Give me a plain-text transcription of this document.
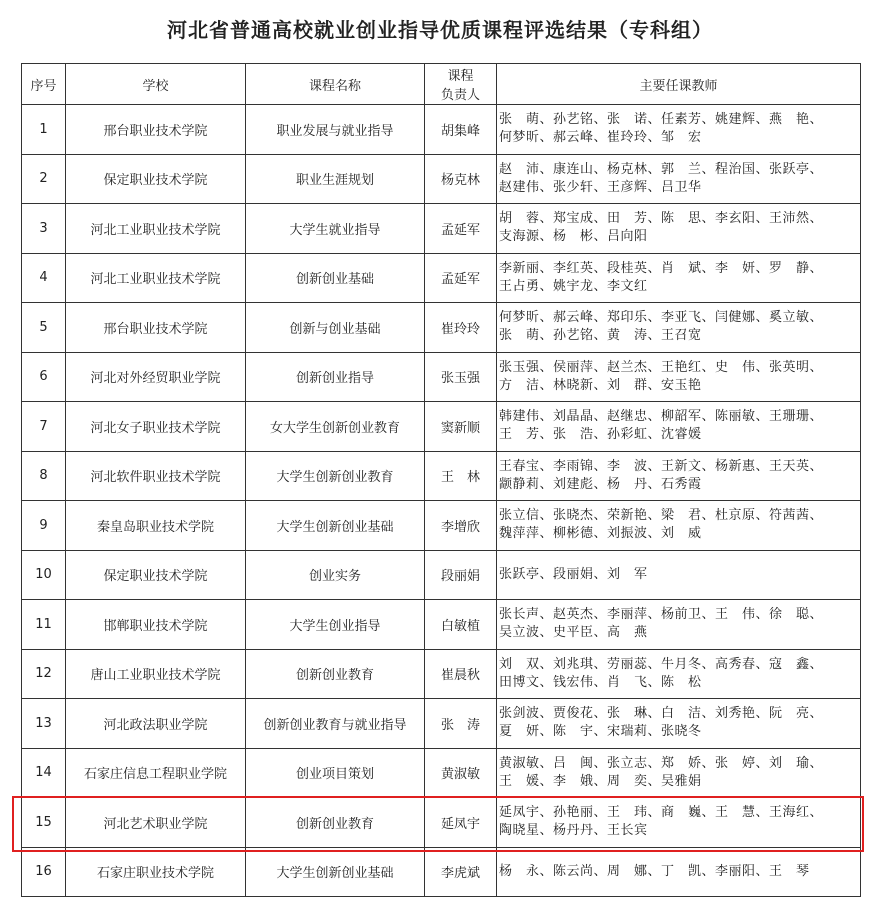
河北省普通高校就业创业指导优质课程评选结果（专科组）
序号	学校	课程名称	课程
负责人	主要任课教师
1	邢台职业技术学院	职业发展与就业指导	胡集峰	张　萌、孙艺铭、张　诺、任素芳、姚建辉、燕　艳、
何梦昕、郝云峰、崔玲玲、邹　宏

2	保定职业技术学院	职业生涯规划	杨克林	赵　沛、康连山、杨克林、郭　兰、程治国、张跃亭、
赵建伟、张少轩、王彦辉、吕卫华

3	河北工业职业技术学院	大学生就业指导	孟延军	胡　蓉、郑宝成、田　芳、陈　思、李玄阳、王沛然、
支海源、杨　彬、吕向阳

4	河北工业职业技术学院	创新创业基础	孟延军	李新丽、李红英、段桂英、肖　斌、李　妍、罗　静、
王占勇、姚宇龙、李文红

5	邢台职业技术学院	创新与创业基础	崔玲玲	何梦昕、郝云峰、郑印乐、李亚飞、闫健娜、奚立敏、
张　萌、孙艺铭、黄　涛、王召宽

6	河北对外经贸职业学院	创新创业指导	张玉强	张玉强、侯丽萍、赵兰杰、王艳红、史　伟、张英明、
方　洁、林晓新、刘　群、安玉艳

7	河北女子职业技术学院	女大学生创新创业教育	窦新顺	韩建伟、刘晶晶、赵继忠、柳韶军、陈丽敏、王珊珊、
王　芳、张　浩、孙彩虹、沈睿媛

8	河北软件职业技术学院	大学生创新创业教育	王　林	王春宝、李雨锦、李　波、王新文、杨新惠、王天英、
颛静莉、刘建彪、杨　丹、石秀霞

9	秦皇岛职业技术学院	大学生创新创业基础	李增欣	张立信、张晓杰、荣新艳、梁　君、杜京原、符茜茜、
魏萍萍、柳彬德、刘振波、刘　威

10	保定职业技术学院	创业实务	段丽娟	张跃亭、段丽娟、刘　军

11	邯郸职业技术学院	大学生创业指导	白敏植	张长声、赵英杰、李丽萍、杨前卫、王　伟、徐　聪、
吴立波、史平臣、高　燕

12	唐山工业职业技术学院	创新创业教育	崔晨秋	刘　双、刘兆琪、劳丽蕊、牛月冬、高秀春、寇　鑫、
田博文、钱宏伟、肖　飞、陈　松

13	河北政法职业学院	创新创业教育与就业指导	张　涛	张剑波、贾俊花、张　琳、白　洁、刘秀艳、阮　亮、
夏　妍、陈　宇、宋瑞莉、张晓冬

14	石家庄信息工程职业学院	创业项目策划	黄淑敏	黄淑敏、吕　闽、张立志、郑　娇、张　婷、刘　瑜、
王　媛、李　娥、周　奕、吴雅娟

15	河北艺术职业学院	创新创业教育	延凤宇	延凤宇、孙艳丽、王　玮、商　巍、王　慧、王海红、
陶晓星、杨丹丹、王长宾

16	石家庄职业技术学院	大学生创新创业基础	李虎斌	杨　永、陈云尚、周　娜、丁　凯、李丽阳、王　琴
